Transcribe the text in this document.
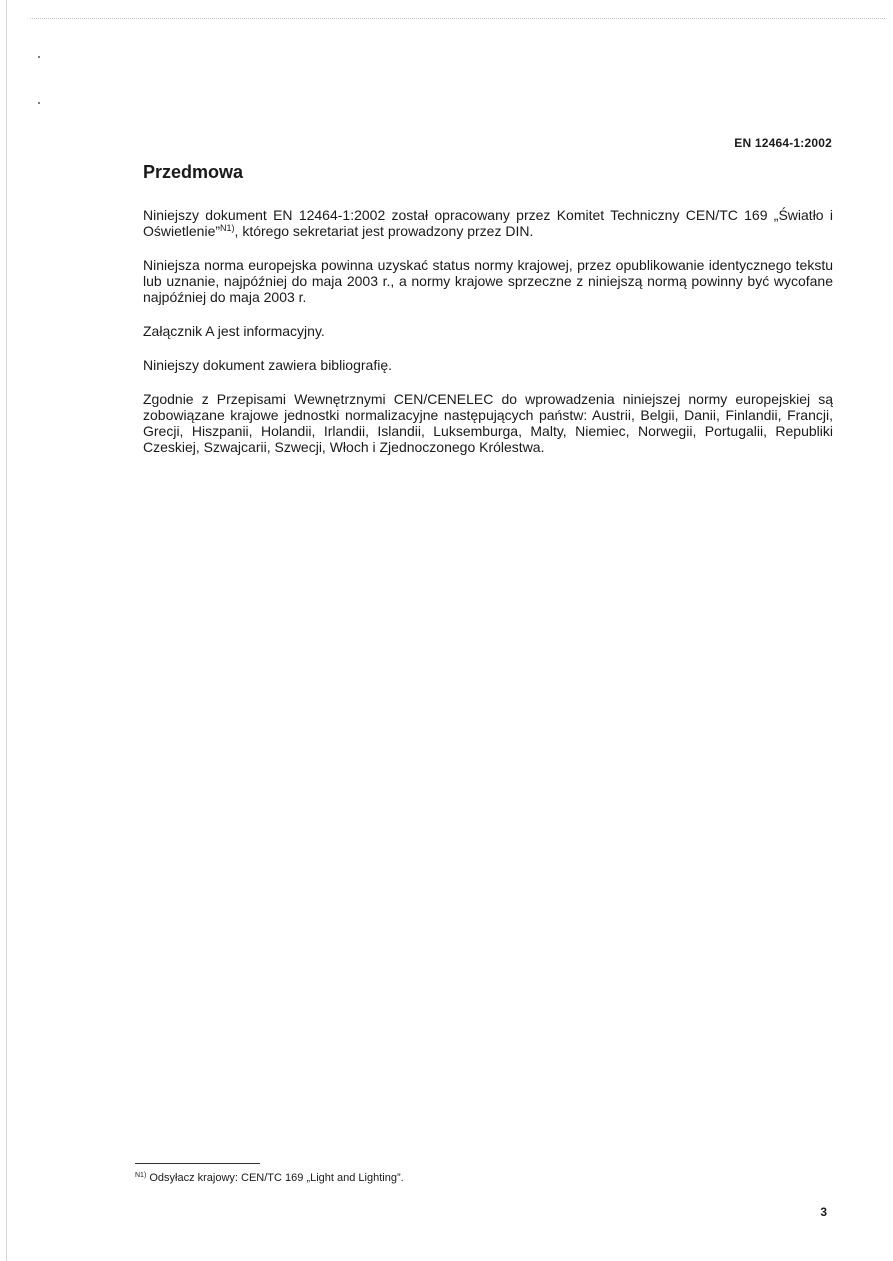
EN 12464-1:2002
Przedmowa

Niniejszy dokument EN 12464-1:2002 został opracowany przez Komitet Techniczny CEN/TC 169 „Światło i Oświetlenie”$^{N1)}$, którego sekretariat jest prowadzony przez DIN.

Niniejsza norma europejska powinna uzyskać status normy krajowej, przez opublikowanie identycznego tekstu lub uznanie, najpóźniej do maja 2003 r., a normy krajowe sprzeczne z niniejszą normą powinny być wycofane najpóźniej do maja 2003 r.

Załącznik A jest informacyjny.

Niniejszy dokument zawiera bibliografię.

Zgodnie z Przepisami Wewnętrznymi CEN/CENELEC do wprowadzenia niniejszej normy europejskiej są zobowiązane krajowe jednostki normalizacyjne następujących państw: Austrii, Belgii, Danii, Finlandii, Francji, Grecji, Hiszpanii, Holandii, Irlandii, Islandii, Luksemburga, Malty, Niemiec, Norwegii, Portugalii, Republiki Czeskiej, Szwajcarii, Szwecji, Włoch i Zjednoczonego Królestwa.

$^{N1)}$ Odsyłacz krajowy: CEN/TC 169 „Light and Lighting”.
3
